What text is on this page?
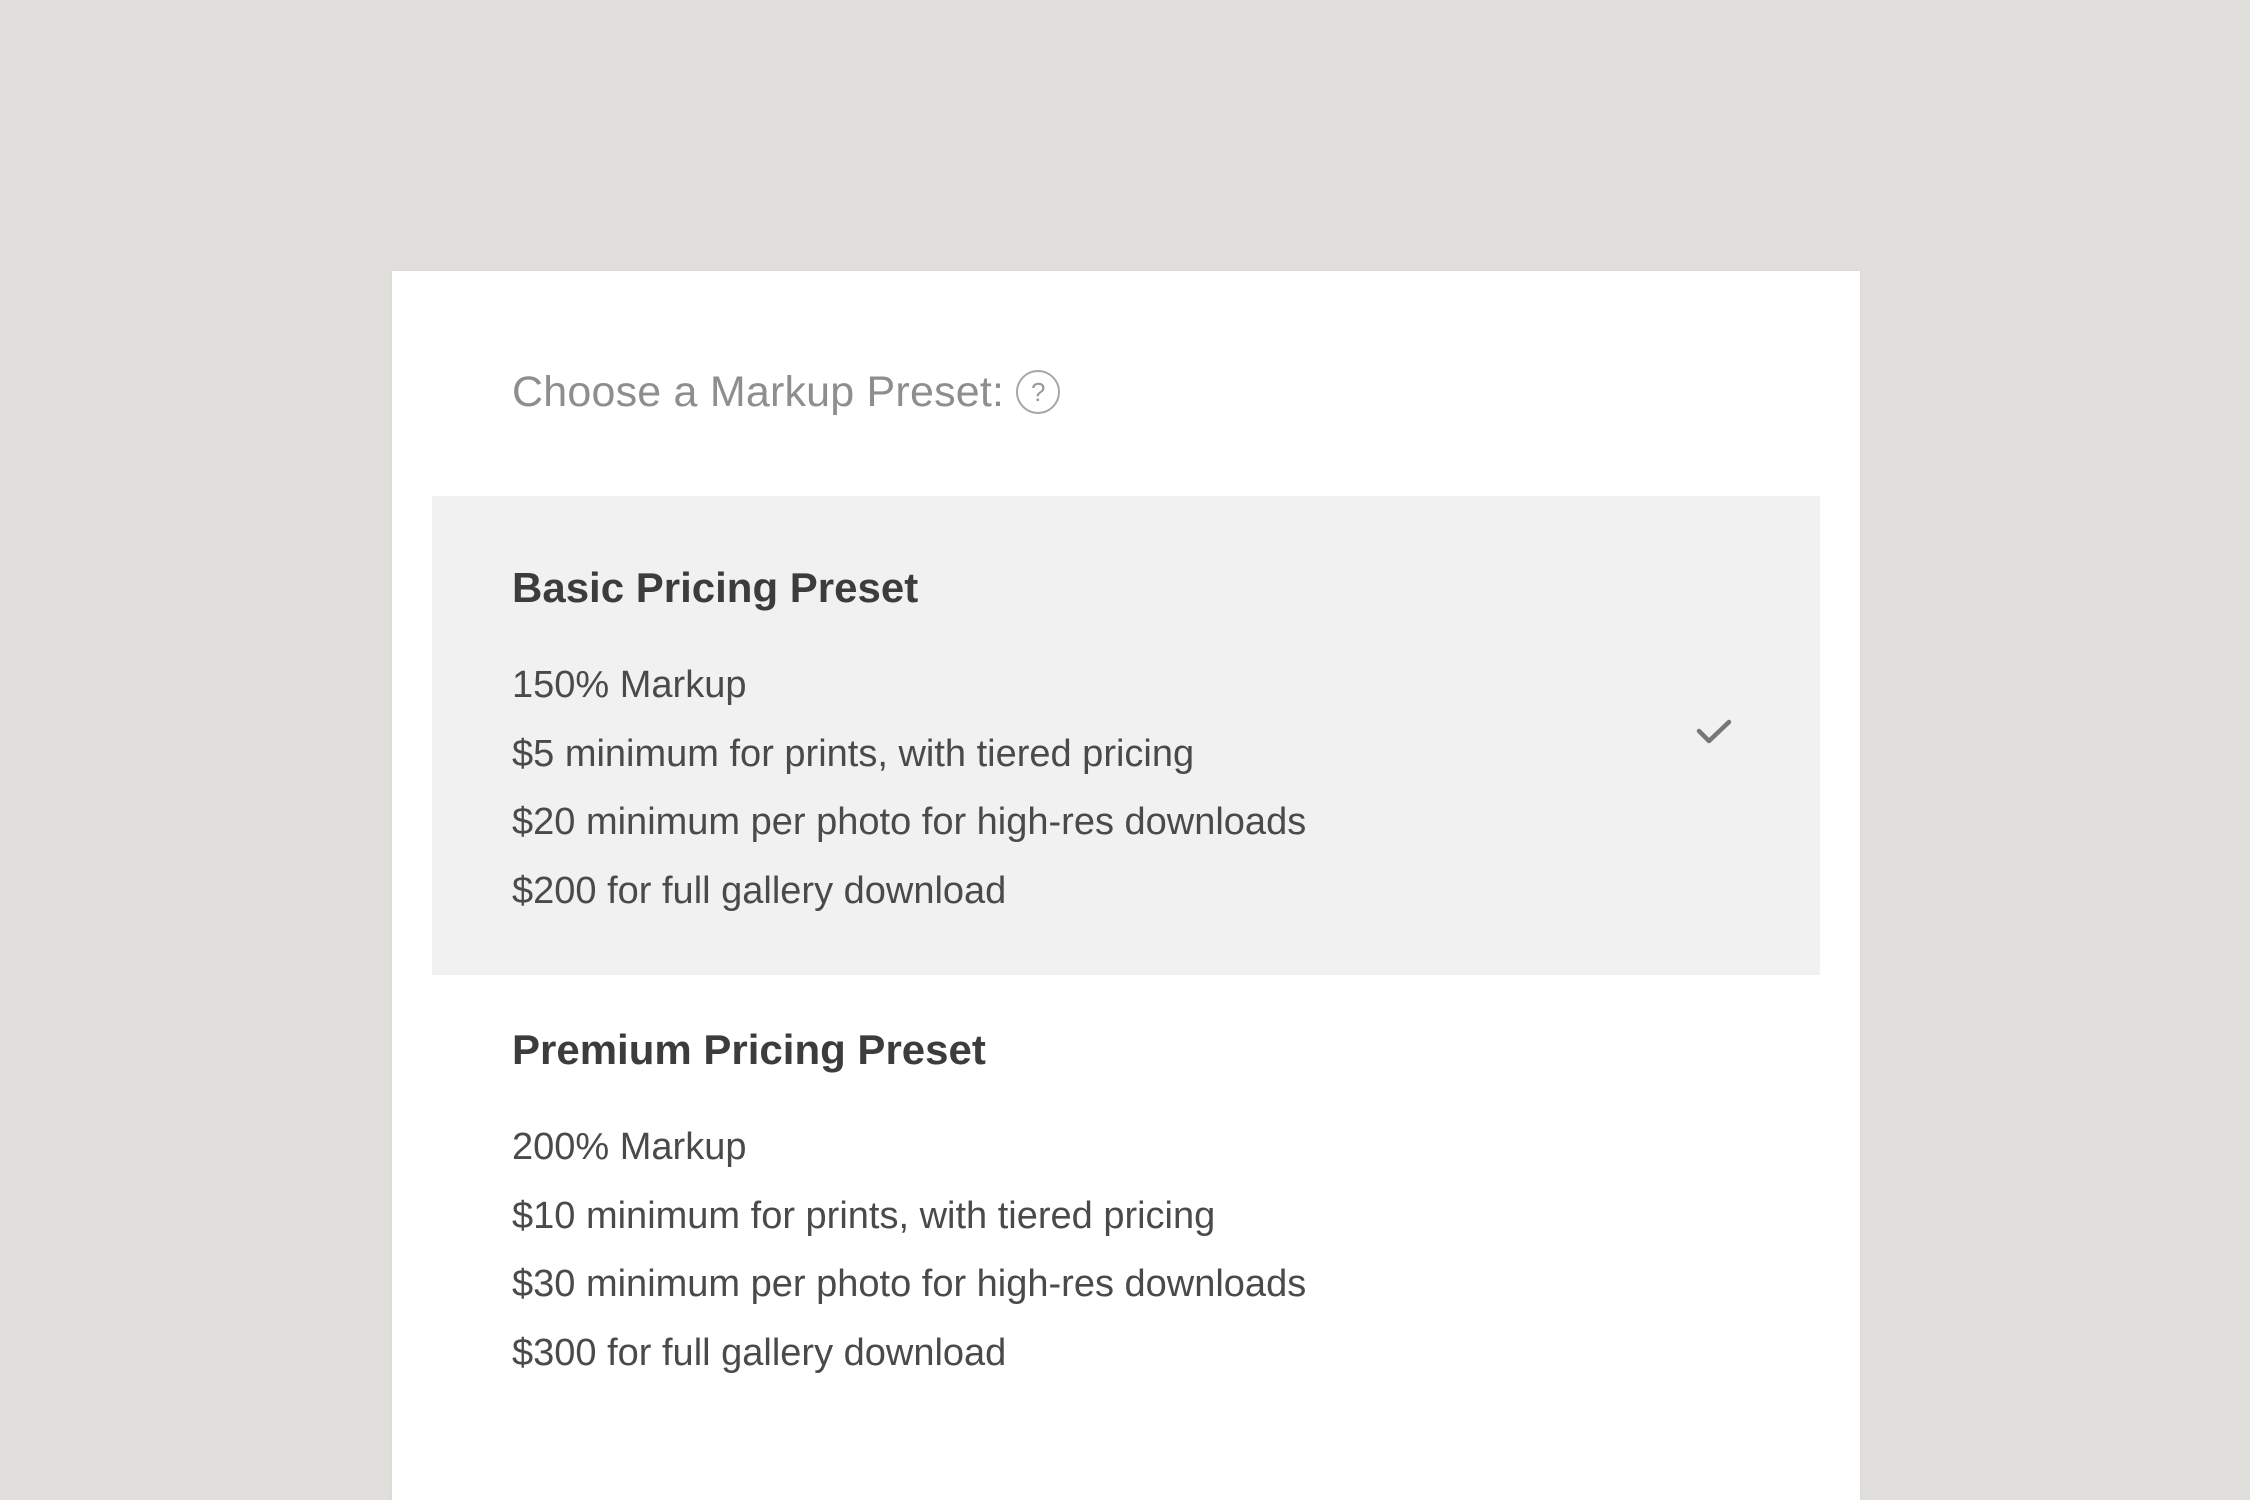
Choose a Markup Preset:	?
Basic Pricing Preset
150% Markup
$5 minimum for prints, with tiered pricing
$20 minimum per photo for high-res downloads
$200 for full gallery download
Premium Pricing Preset
200% Markup
$10 minimum for prints, with tiered pricing
$30 minimum per photo for high-res downloads
$300 for full gallery download
